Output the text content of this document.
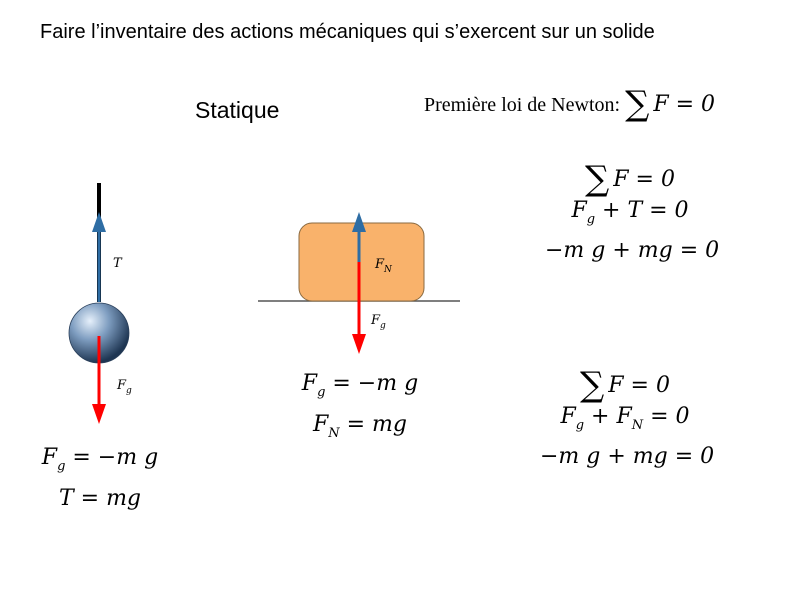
Faire l’inventaire des actions mécaniques qui s’exercent sur un solide
Statique	Première loi de Newton: ∑ F = 0
T
$F_g$
$F_N$
$F_g$
$F_g = -m$ g
T = mg
$F_g = -m$ g
$F_N$ = mg
∑ F = 0
$F_g + T = 0$
−m g + mg = 0
∑ F = 0
$F_g + F_N = 0$
−m g + mg = 0
